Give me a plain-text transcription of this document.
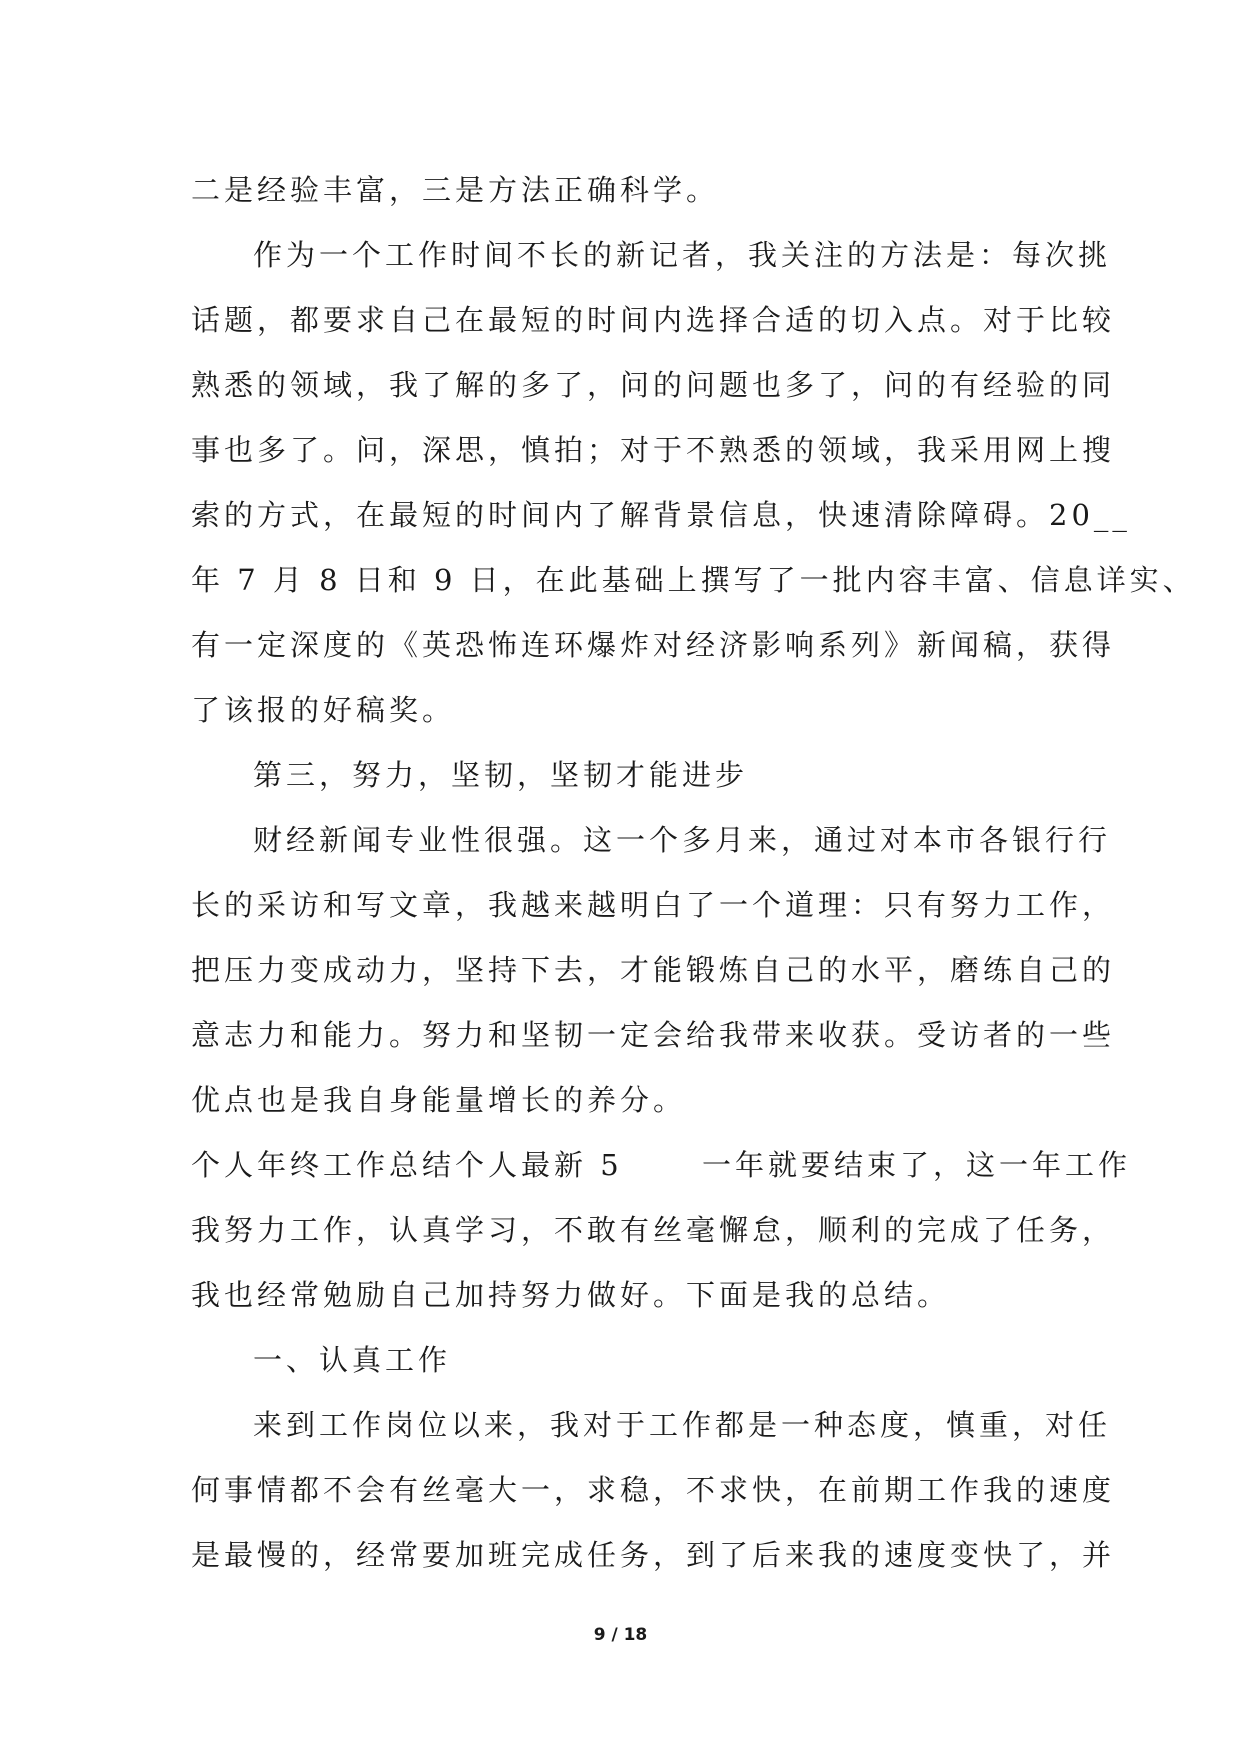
二是经验丰富，三是方法正确科学。
作为一个工作时间不长的新记者，我关注的方法是：每次挑
话题，都要求自己在最短的时间内选择合适的切入点。对于比较
熟悉的领域，我了解的多了，问的问题也多了，问的有经验的同
事也多了。问，深思，慎拍；对于不熟悉的领域，我采用网上搜
索的方式，在最短的时间内了解背景信息，快速清除障碍。20__
年 7 月 8 日和 9 日，在此基础上撰写了一批内容丰富、信息详实、
有一定深度的《英恐怖连环爆炸对经济影响系列》新闻稿，获得
了该报的好稿奖。
第三，努力，坚韧，坚韧才能进步
财经新闻专业性很强。这一个多月来，通过对本市各银行行
长的采访和写文章，我越来越明白了一个道理：只有努力工作，
把压力变成动力，坚持下去，才能锻炼自己的水平，磨练自己的
意志力和能力。努力和坚韧一定会给我带来收获。受访者的一些
优点也是我自身能量增长的养分。
个人年终工作总结个人最新 5      一年就要结束了，这一年工作
我努力工作，认真学习，不敢有丝毫懈怠，顺利的完成了任务，
我也经常勉励自己加持努力做好。下面是我的总结。
一、认真工作
来到工作岗位以来，我对于工作都是一种态度，慎重，对任
何事情都不会有丝毫大一，求稳，不求快，在前期工作我的速度
是最慢的，经常要加班完成任务，到了后来我的速度变快了，并
9 / 18
